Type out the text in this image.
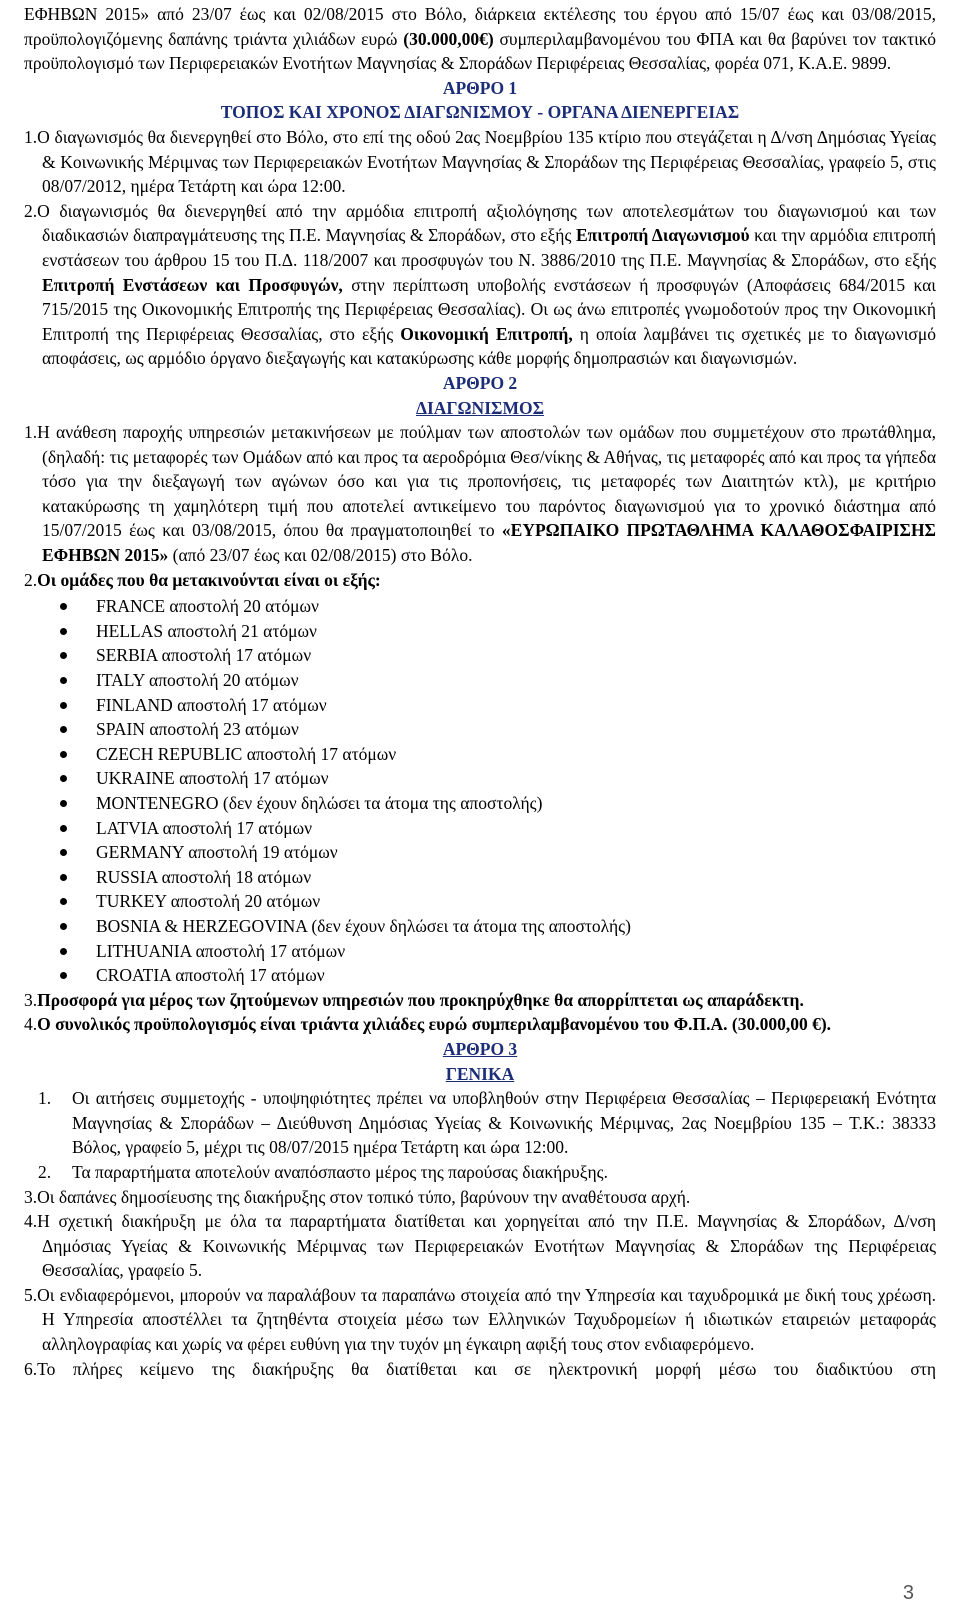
ΕΦΗΒΩΝ 2015» από 23/07 έως και 02/08/2015 στο Βόλο, διάρκεια εκτέλεσης του έργου από 15/07 έως και 03/08/2015, προϋπολογιζόμενης δαπάνης τριάντα χιλιάδων ευρώ (30.000,00€) συμπεριλαμβανομένου του ΦΠΑ και θα βαρύνει τον τακτικό προϋπολογισμό των Περιφερειακών Ενοτήτων Μαγνησίας & Σποράδων Περιφέρειας Θεσσαλίας, φορέα 071, Κ.Α.Ε. 9899.

ΑΡΘΡΟ 1

ΤΟΠΟΣ ΚΑΙ ΧΡΟΝΟΣ ΔΙΑΓΩΝΙΣΜΟΥ - ΟΡΓΑΝΑ ΔΙΕΝΕΡΓΕΙΑΣ

1.Ο διαγωνισμός θα διενεργηθεί στο Βόλο, στο επί της οδού 2ας Νοεμβρίου 135 κτίριο που στεγάζεται η Δ/νση Δημόσιας Υγείας & Κοινωνικής Μέριμνας των Περιφερειακών Ενοτήτων Μαγνησίας & Σποράδων της Περιφέρειας Θεσσαλίας, γραφείο 5, στις 08/07/2012, ημέρα Τετάρτη και ώρα 12:00.

2.Ο διαγωνισμός θα διενεργηθεί από την αρμόδια επιτροπή αξιολόγησης των αποτελεσμάτων του διαγωνισμού και των διαδικασιών διαπραγμάτευσης της Π.Ε. Μαγνησίας & Σποράδων, στο εξής Επιτροπή Διαγωνισμού και την αρμόδια επιτροπή ενστάσεων του άρθρου 15 του Π.Δ. 118/2007 και προσφυγών του Ν. 3886/2010 της Π.Ε. Μαγνησίας & Σποράδων, στο εξής Επιτροπή Ενστάσεων και Προσφυγών, στην περίπτωση υποβολής ενστάσεων ή προσφυγών (Αποφάσεις 684/2015 και 715/2015 της Οικονομικής Επιτροπής της Περιφέρειας Θεσσαλίας). Οι ως άνω επιτροπές γνωμοδοτούν προς την Οικονομική Επιτροπή της Περιφέρειας Θεσσαλίας, στο εξής Οικονομική Επιτροπή, η οποία λαμβάνει τις σχετικές με το διαγωνισμό αποφάσεις, ως αρμόδιο όργανο διεξαγωγής και κατακύρωσης κάθε μορφής δημοπρασιών και διαγωνισμών.

ΑΡΘΡΟ 2

ΔΙΑΓΩΝΙΣΜΟΣ

1.Η ανάθεση παροχής υπηρεσιών μετακινήσεων με πούλμαν των αποστολών των ομάδων που συμμετέχουν στο πρωτάθλημα, (δηλαδή: τις μεταφορές των Ομάδων από και προς τα αεροδρόμια Θεσ/νίκης & Αθήνας, τις μεταφορές από και προς τα γήπεδα τόσο για την διεξαγωγή των αγώνων όσο και για τις προπονήσεις, τις μεταφορές των Διαιτητών κτλ), με κριτήριο κατακύρωσης τη χαμηλότερη τιμή που αποτελεί αντικείμενο του παρόντος διαγωνισμού για το χρονικό διάστημα από 15/07/2015 έως και 03/08/2015, όπου θα πραγματοποιηθεί το «ΕΥΡΩΠΑΙΚΟ ΠΡΩΤΑΘΛΗΜΑ ΚΑΛΑΘΟΣΦΑΙΡΙΣΗΣ ΕΦΗΒΩΝ 2015» (από 23/07 έως και 02/08/2015) στο Βόλο.

2.Οι ομάδες που θα μετακινούνται είναι οι εξής:

FRANCE αποστολή 20 ατόμων
HELLAS αποστολή 21 ατόμων
SERBIA αποστολή 17 ατόμων
ITALY αποστολή 20 ατόμων
FINLAND αποστολή 17 ατόμων
SPAIN αποστολή 23 ατόμων
CZECH REPUBLIC αποστολή 17 ατόμων
UKRAINE αποστολή 17 ατόμων
MONTENEGRO (δεν έχουν δηλώσει τα άτομα της αποστολής)
LATVIA αποστολή 17 ατόμων
GERMANY αποστολή 19 ατόμων
RUSSIA αποστολή 18 ατόμων
TURKEY αποστολή 20 ατόμων
BOSNIA & HERZEGOVINA (δεν έχουν δηλώσει τα άτομα της αποστολής)
LITHUANIA αποστολή 17 ατόμων
CROATIA αποστολή 17 ατόμων

3.Προσφορά για μέρος των ζητούμενων υπηρεσιών που προκηρύχθηκε θα απορρίπτεται ως απαράδεκτη.

4.Ο συνολικός προϋπολογισμός είναι τριάντα χιλιάδες ευρώ συμπεριλαμβανομένου του Φ.Π.Α. (30.000,00 €).

ΑΡΘΡΟ 3

ΓΕΝΙΚΑ

1. Οι αιτήσεις συμμετοχής - υποψηφιότητες πρέπει να υποβληθούν στην Περιφέρεια Θεσσαλίας – Περιφερειακή Ενότητα Μαγνησίας & Σποράδων – Διεύθυνση Δημόσιας Υγείας & Κοινωνικής Μέριμνας, 2ας Νοεμβρίου 135 – Τ.Κ.: 38333 Βόλος, γραφείο 5, μέχρι τις 08/07/2015 ημέρα Τετάρτη και ώρα 12:00.
2. Τα παραρτήματα αποτελούν αναπόσπαστο μέρος της παρούσας διακήρυξης.

3.Οι δαπάνες δημοσίευσης της διακήρυξης στον τοπικό τύπο, βαρύνουν την αναθέτουσα αρχή.

4.Η σχετική διακήρυξη με όλα τα παραρτήματα διατίθεται και χορηγείται από την Π.Ε. Μαγνησίας & Σποράδων, Δ/νση Δημόσιας Υγείας & Κοινωνικής Μέριμνας των Περιφερειακών Ενοτήτων Μαγνησίας & Σποράδων της Περιφέρειας Θεσσαλίας, γραφείο 5.

5.Οι ενδιαφερόμενοι, μπορούν να παραλάβουν τα παραπάνω στοιχεία από την Υπηρεσία και ταχυδρομικά με δική τους χρέωση. Η Υπηρεσία αποστέλλει τα ζητηθέντα στοιχεία μέσω των Ελληνικών Ταχυδρομείων ή ιδιωτικών εταιρειών μεταφοράς αλληλογραφίας και χωρίς να φέρει ευθύνη για την τυχόν μη έγκαιρη αφιξή τους στον ενδιαφερόμενο.

6.Το πλήρες κείμενο της διακήρυξης θα διατίθεται και σε ηλεκτρονική μορφή μέσω του διαδικτύου στη

3
